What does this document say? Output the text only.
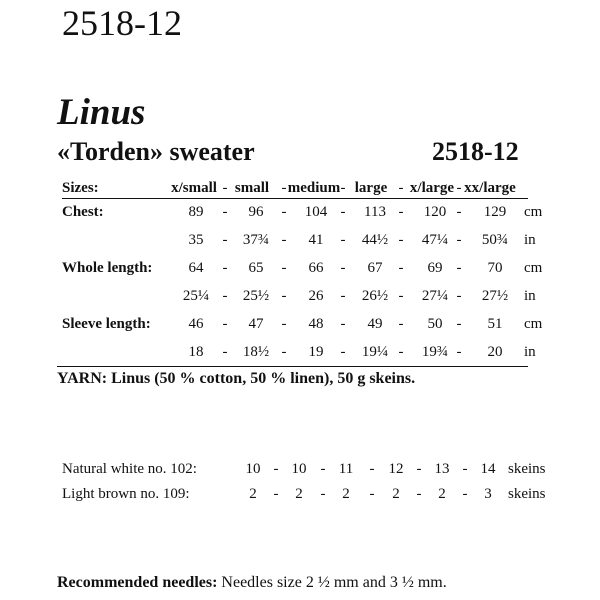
2518-12
Linus
«Torden» sweater	2518-12
Sizes:	x/small - small - medium - large - x/large - xx/large
Chest:	89 - 96 - 104 - 113 - 120 - 129 cm
35 - 37¾ - 41 - 44½ - 47¼ - 50¾ in
Whole length: 64 - 65 - 66 - 67 - 69 - 70 cm
25¼ - 25½ - 26 - 26½ - 27¼ - 27½ in
Sleeve length:	46 - 47 - 48 - 49 - 50 - 51 cm
18 - 18½ - 19 - 19¼ - 19¾ - 20 in
YARN: Linus (50 % cotton, 50 % linen), 50 g skeins.
Natural white no. 102:	10 - 10 - 11 - 12 - 13 - 14 skeins
Light brown no. 109:	2 - 2 - 2 - 2 - 2 - 3 skeins
Recommended needles: Needles size 2 ½ mm and 3 ½ mm.
